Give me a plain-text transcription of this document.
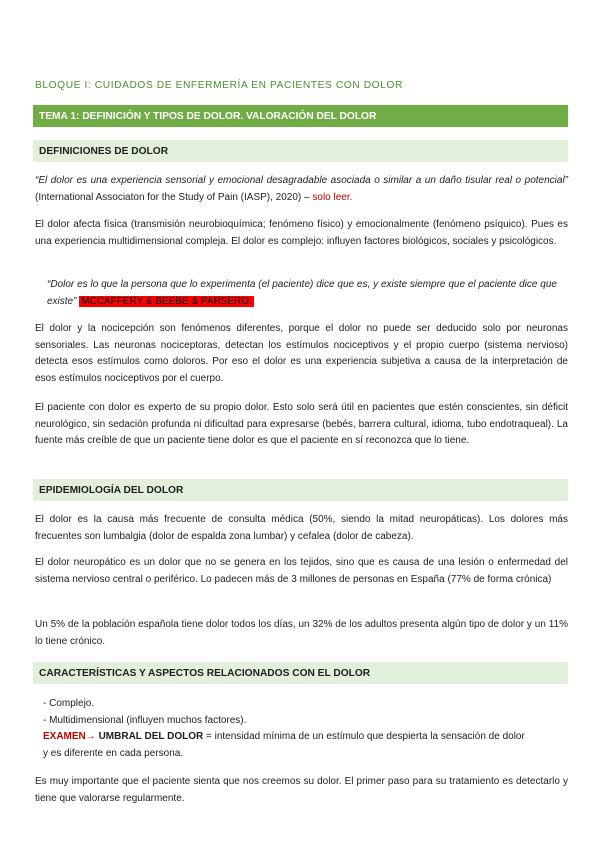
BLOQUE I: CUIDADOS DE ENFERMERÍA EN PACIENTES CON DOLOR
TEMA 1: DEFINICIÓN Y TIPOS DE DOLOR. VALORACIÓN DEL DOLOR
DEFINICIONES DE DOLOR

“El dolor es una experiencia sensorial y emocional desagradable asociada o similar a un daño tisular real o potencial” (International Associaton for the Study of Pain (IASP), 2020) – solo leer.

El dolor afecta física (transmisión neurobioquímica; fenómeno físico) y emocionalmente (fenómeno psíquico). Pues es una experiencia multidimensional compleja. El dolor es complejo: influyen factores biológicos, sociales y psicológicos.

“Dolor es lo que la persona que lo experimenta (el paciente) dice que es, y existe siempre que el paciente dice que existe” MCCAFFERY & BEEBE & PARSERO.

El dolor y la nocicepción son fenómenos diferentes, porque el dolor no puede ser deducido solo por neuronas sensoriales. Las neuronas nociceptoras, detectan los estímulos nociceptivos y el propio cuerpo (sistema nervioso) detecta esos estímulos como doloros. Por eso el dolor es una experiencia subjetiva a causa de la interpretación de esos estímulos nociceptivos por el cuerpo.

El paciente con dolor es experto de su propio dolor. Esto solo será útil en pacientes que estén conscientes, sin déficit neurológico, sin sedación profunda ni dificultad para expresarse (bebés, barrera cultural, idioma, tubo endotraqueal). La fuente más creíble de que un paciente tiene dolor es que el paciente en sí reconozca que lo tiene.

EPIDEMIOLOGÍA DEL DOLOR

El dolor es la causa más frecuente de consulta médica (50%, siendo la mitad neuropáticas). Los dolores más frecuentes son lumbalgia (dolor de espalda zona lumbar) y cefalea (dolor de cabeza).

El dolor neuropático es un dolor que no se genera en los tejidos, sino que es causa de una lesión o enfermedad del sistema nervioso central o periférico. Lo padecen más de 3 millones de personas en España (77% de forma crónica)

Un 5% de la población española tiene dolor todos los días, un 32% de los adultos presenta algún tipo de dolor y un 11% lo tiene crónico.

CARACTERÍSTICAS Y ASPECTOS RELACIONADOS CON EL DOLOR
- Complejo.
- Multidimensional (influyen muchos factores).
EXAMEN→ UMBRAL DEL DOLOR = intensidad mínima de un estímulo que despierta la sensación de dolor
y es diferente en cada persona.

Es muy importante que el paciente sienta que nos creemos su dolor. El primer paso para su tratamiento es detectarlo y tiene que valorarse regularmente.
